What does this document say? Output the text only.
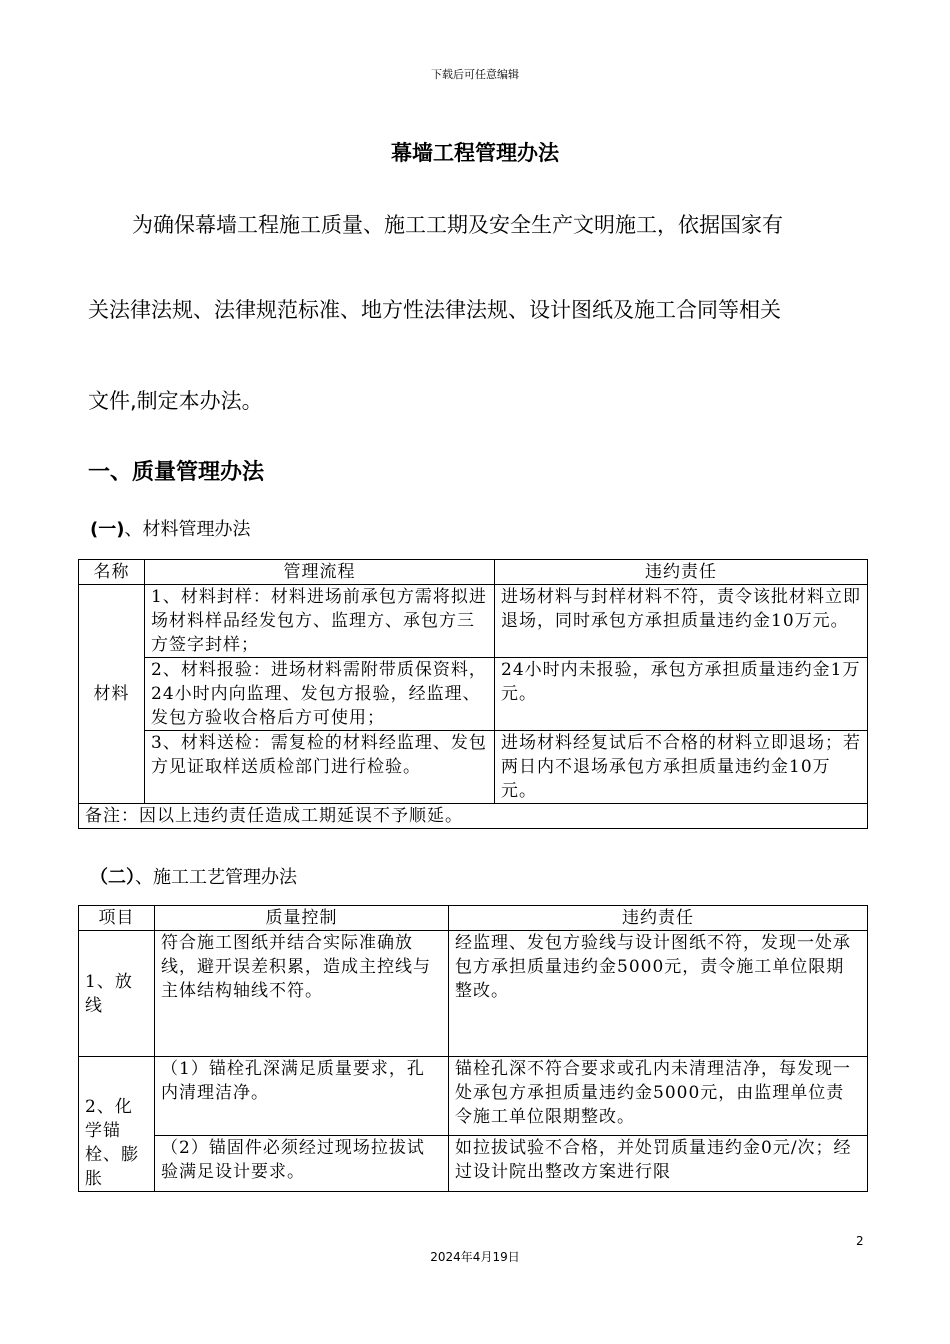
下载后可任意编辑
幕墙工程管理办法
为确保幕墙工程施工质量、施工工期及安全生产文明施工，依据国家有
关法律法规、法律规范标准、地方性法律法规、设计图纸及施工合同等相关
文件,制定本办法。
一、质量管理办法
(一)、材料管理办法
名称	管理流程	违约责任
材料	1、材料封样：材料进场前承包方需将拟进场材料样品经发包方、监理方、承包方三方签字封样；	进场材料与封样材料不符，责令该批材料立即退场，同时承包方承担质量违约金10万元。
	2、材料报验：进场材料需附带质保资料，24小时内向监理、发包方报验，经监理、发包方验收合格后方可使用；	24小时内未报验，承包方承担质量违约金1万元。
	3、材料送检：需复检的材料经监理、发包方见证取样送质检部门进行检验。	进场材料经复试后不合格的材料立即退场；若两日内不退场承包方承担质量违约金10万元。
备注：因以上违约责任造成工期延误不予顺延。		
（二）、施工工艺管理办法
项目	质量控制	违约责任
1、放线	符合施工图纸并结合实际准确放线，避开误差积累，造成主控线与主体结构轴线不符。	经监理、发包方验线与设计图纸不符，发现一处承包方承担质量违约金5000元，责令施工单位限期整改。
2、化学锚栓、膨胀	（1）锚栓孔深满足质量要求，孔内清理洁净。	锚栓孔深不符合要求或孔内未清理洁净，每发现一处承包方承担质量违约金5000元，由监理单位责令施工单位限期整改。

	（2）锚固件必须经过现场拉拔试验满足设计要求。	如拉拔试验不合格，并处罚质量违约金0元/次；经过设计院出整改方案进行限
2
2024年4月19日
